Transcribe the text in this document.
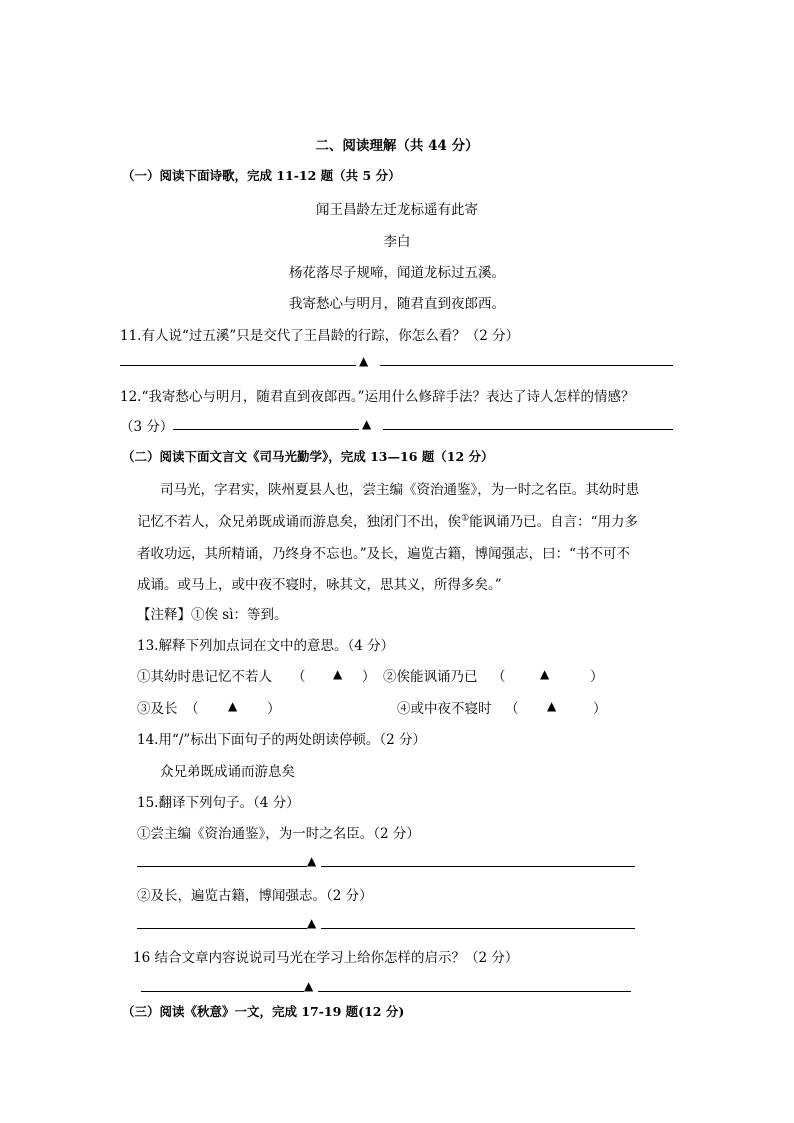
二、阅读理解（共 44 分）
（一）阅读下面诗歌，完成 11-12 题（共 5 分）
闻王昌龄左迁龙标遥有此寄
李白
杨花落尽子规啼，闻道龙标过五溪。
我寄愁心与明月，随君直到夜郎西。
11.有人说“过五溪”只是交代了王昌龄的行踪，你怎么看？（2 分）
▲
12.“我寄愁心与明月，随君直到夜郎西。”运用什么修辞手法？表达了诗人怎样的情感？
（3 分）	▲
（二）阅读下面文言文《司马光勤学》，完成 13—16 题（12 分）
司马光，字君实，陕州夏县人也，尝主编《资治通鉴》，为一时之名臣。其幼时患
记忆不若人，众兄弟既成诵而游息矣，独闭门不出，俟①能讽诵乃已。自言：“用力多
者收功远，其所精诵，乃终身不忘也。”及长，遍览古籍，博闻强志，曰：“书不可不
成诵。或马上，或中夜不寝时，咏其文，思其义，所得多矣。”
【注释】①俟 sì：等到。
13.解释下列加点词在文中的意思。（4 分）
①其幼时患记忆不若人 （ ▲ ） ②俟能讽诵乃已 （	▲	）
③及长 （ ▲ ）	④或中夜不寝时 （ ▲	）
14.用“/”标出下面句子的两处朗读停顿。（2 分）
众兄弟既成诵而游息矣
15.翻译下列句子。（4 分）
①尝主编《资治通鉴》，为一时之名臣。（2 分）
▲
②及长，遍览古籍，博闻强志。（2 分）
▲
16 结合文章内容说说司马光在学习上给你怎样的启示？（2 分）
▲
（三）阅读《秋意》一文，完成 17-19 题(12 分)
